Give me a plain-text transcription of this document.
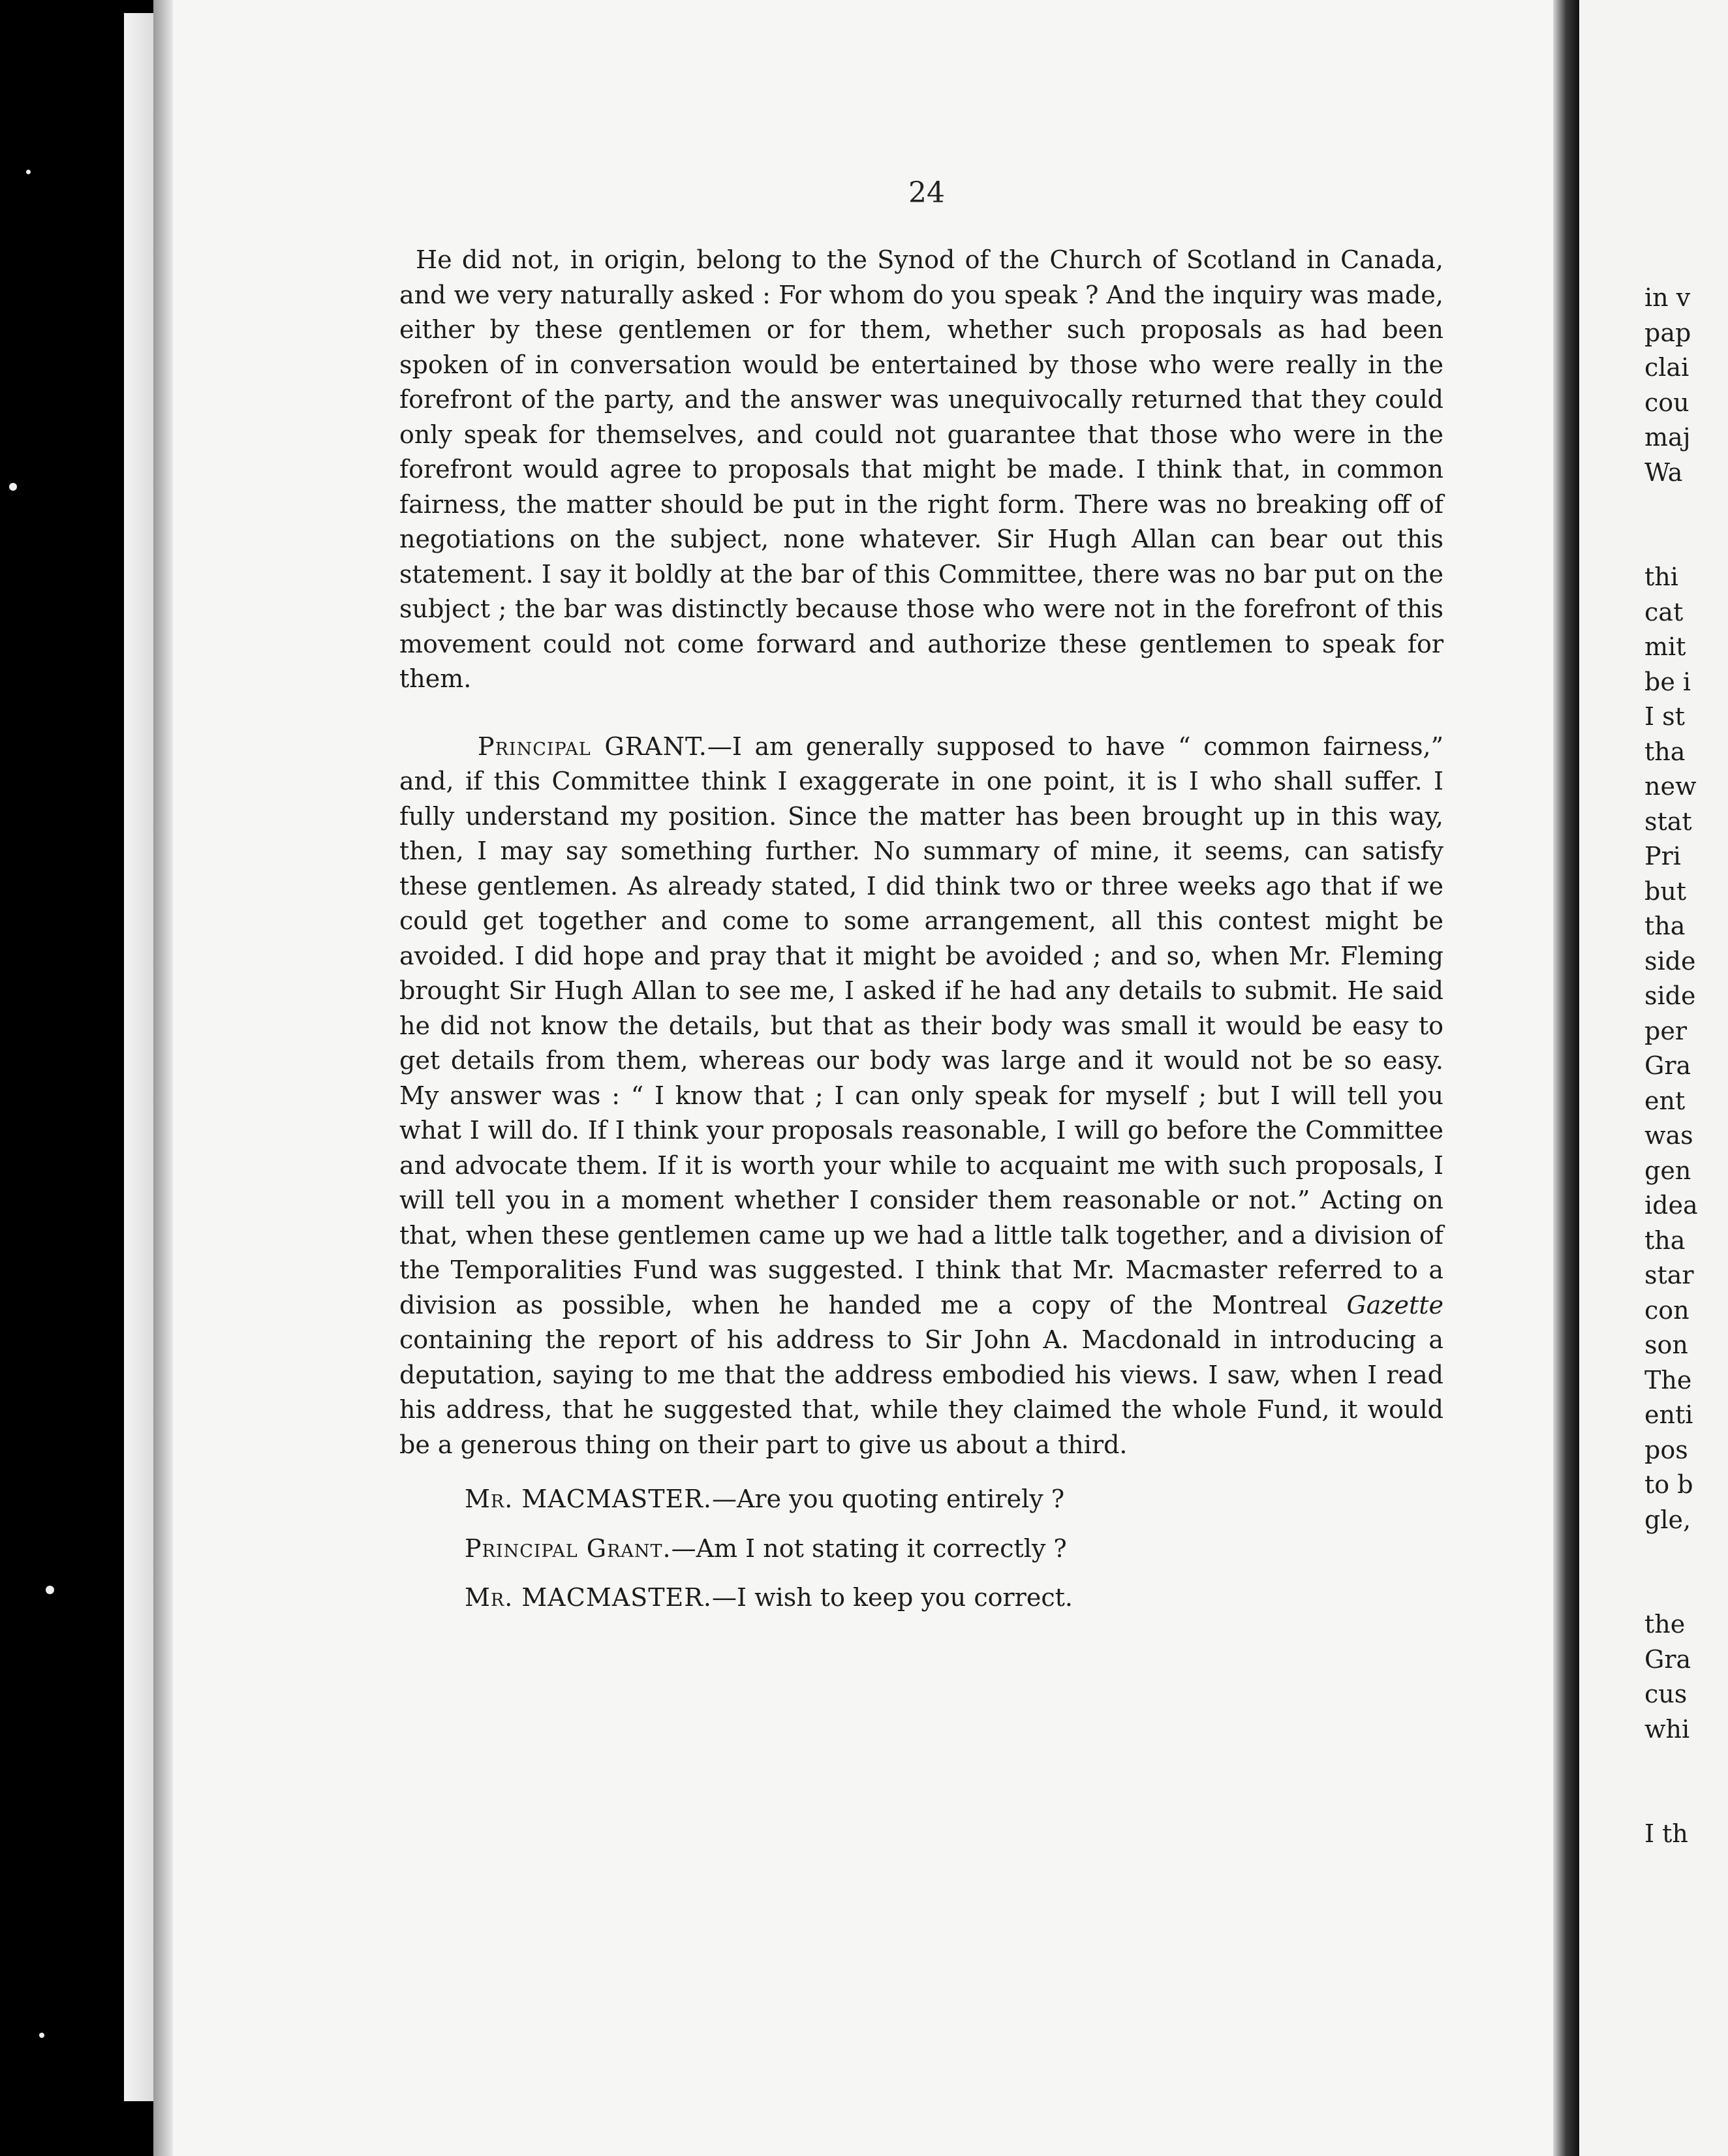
24

He did not, in origin, belong to the Synod of the Church of Scotland in Canada, and we very naturally asked : For whom do you speak ? And the inquiry was made, either by these gentlemen or for them, whether such proposals as had been spoken of in conversation would be entertained by those who were really in the forefront of the party, and the answer was unequivocally returned that they could only speak for themselves, and could not guarantee that those who were in the forefront would agree to proposals that might be made. I think that, in common fairness, the matter should be put in the right form. There was no breaking off of negotiations on the subject, none whatever. Sir Hugh Allan can bear out this statement. I say it boldly at the bar of this Committee, there was no bar put on the subject ; the bar was distinctly because those who were not in the forefront of this movement could not come forward and authorize these gentlemen to speak for them.

Principal GRANT.—I am generally supposed to have “ common fairness,” and, if this Committee think I exaggerate in one point, it is I who shall suffer. I fully understand my position. Since the matter has been brought up in this way, then, I may say something further. No summary of mine, it seems, can satisfy these gentlemen. As already stated, I did think two or three weeks ago that if we could get together and come to some arrangement, all this contest might be avoided. I did hope and pray that it might be avoided ; and so, when Mr. Fleming brought Sir Hugh Allan to see me, I asked if he had any details to submit. He said he did not know the details, but that as their body was small it would be easy to get details from them, whereas our body was large and it would not be so easy. My answer was : “ I know that ; I can only speak for myself ; but I will tell you what I will do. If I think your proposals reasonable, I will go before the Committee and advocate them. If it is worth your while to acquaint me with such proposals, I will tell you in a moment whether I consider them reasonable or not.” Acting on that, when these gentlemen came up we had a little talk together, and a division of the Temporalities Fund was suggested. I think that Mr. Macmaster referred to a division as possible, when he handed me a copy of the Montreal Gazette containing the report of his address to Sir John A. Macdonald in introducing a deputation, saying to me that the address embodied his views. I saw, when I read his address, that he suggested that, while they claimed the whole Fund, it would be a generous thing on their part to give us about a third.

Mr. MACMASTER.—Are you quoting entirely ?

Principal Grant.—Am I not stating it correctly ?

Mr. MACMASTER.—I wish to keep you correct.

in v
pap
clai
cou
maj
Wa
thi
cat
mit
be i
I st
tha
new
stat
Pri
but
tha
side
side
per
Gra
ent
was
gen
idea
tha
star
con
son
The
enti
pos
to b
gle,
the
Gra
cus
whi
I th
